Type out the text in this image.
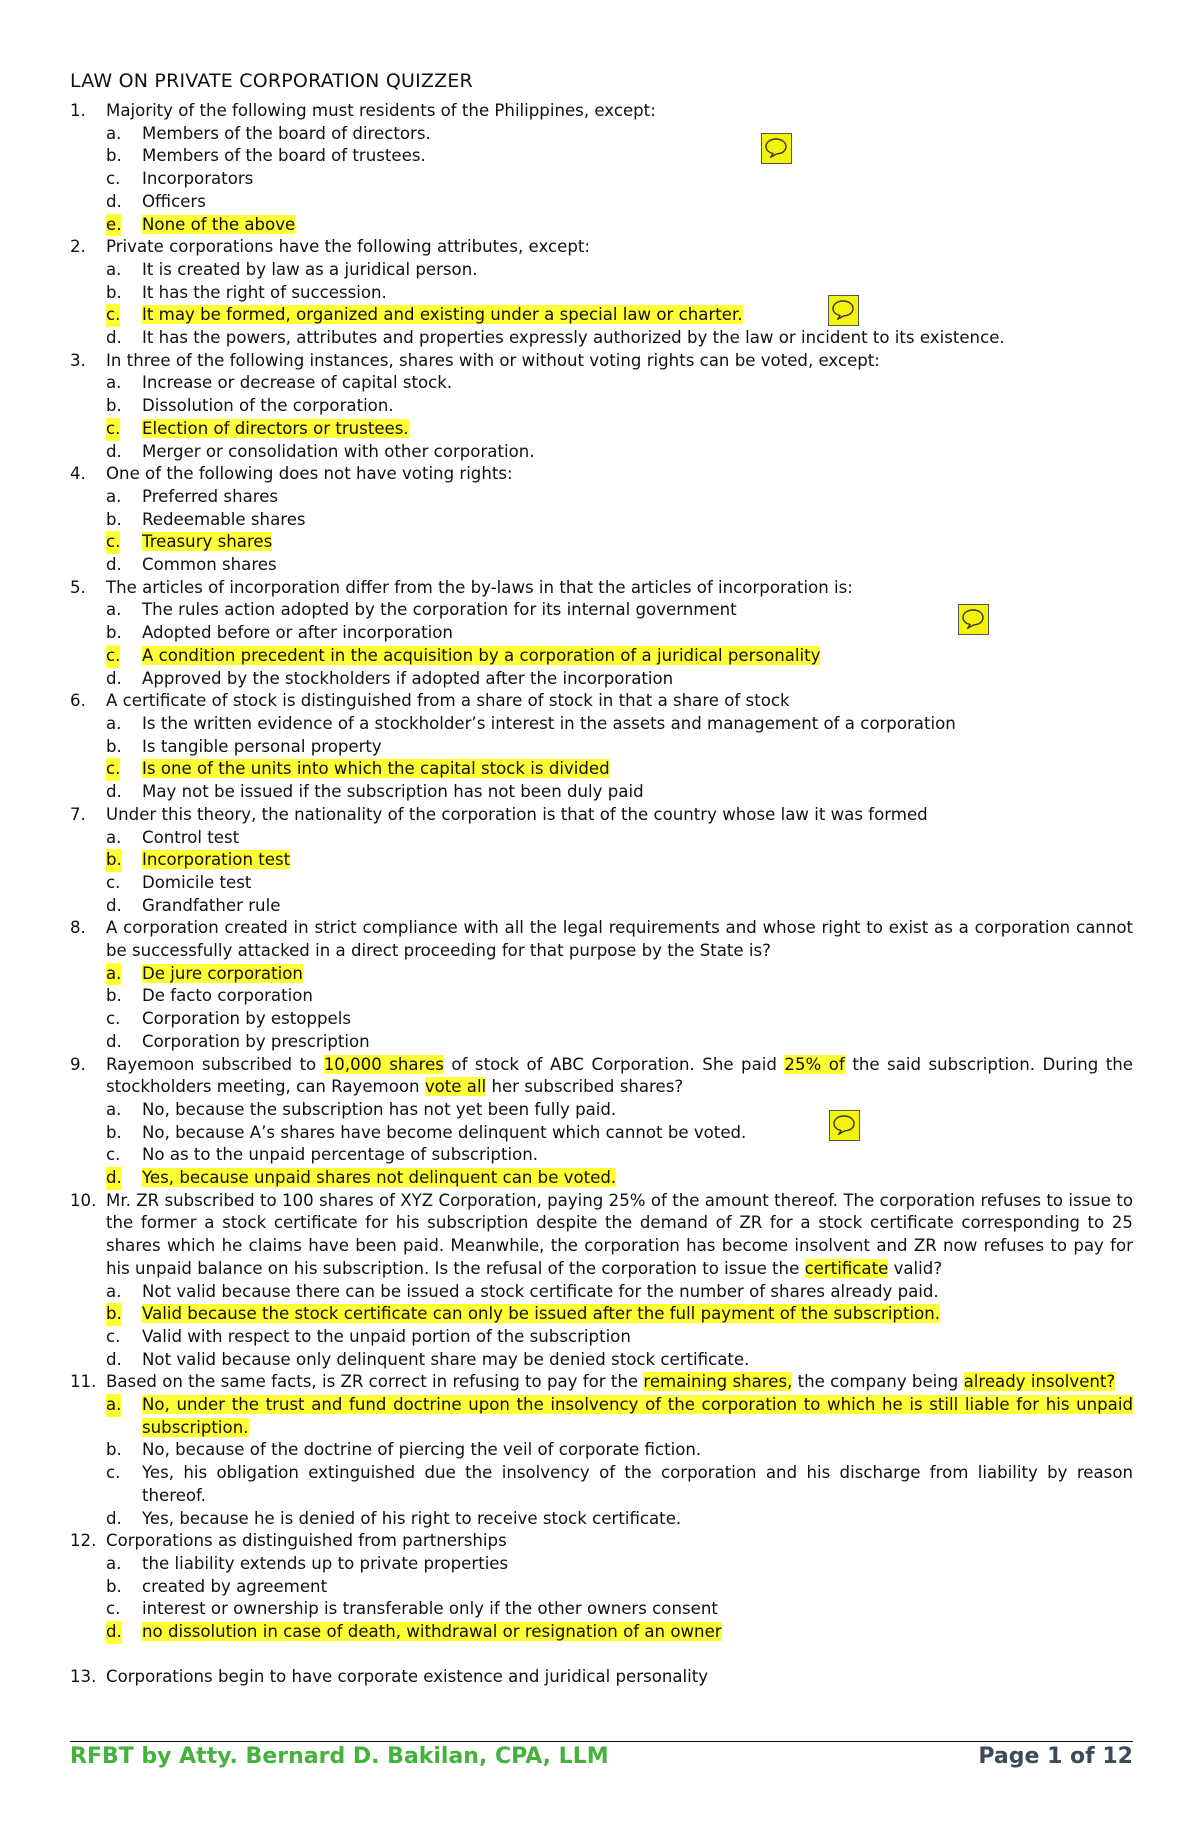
LAW ON PRIVATE CORPORATION QUIZZER
1. Majority of the following must residents of the Philippines, except:
a. Members of the board of directors.
b. Members of the board of trustees.
c. Incorporators
d. Officers
e. None of the above
2. Private corporations have the following attributes, except:
a. It is created by law as a juridical person.
b. It has the right of succession.
c. It may be formed, organized and existing under a special law or charter.
d. It has the powers, attributes and properties expressly authorized by the law or incident to its existence.
3. In three of the following instances, shares with or without voting rights can be voted, except:
a. Increase or decrease of capital stock.
b. Dissolution of the corporation.
c. Election of directors or trustees.
d. Merger or consolidation with other corporation.
4. One of the following does not have voting rights:
a. Preferred shares
b. Redeemable shares
c. Treasury shares
d. Common shares
5. The articles of incorporation differ from the by-laws in that the articles of incorporation is:
a. The rules action adopted by the corporation for its internal government
b. Adopted before or after incorporation
c. A condition precedent in the acquisition by a corporation of a juridical personality
d. Approved by the stockholders if adopted after the incorporation
6. A certificate of stock is distinguished from a share of stock in that a share of stock
a. Is the written evidence of a stockholder’s interest in the assets and management of a corporation
b. Is tangible personal property
c. Is one of the units into which the capital stock is divided
d. May not be issued if the subscription has not been duly paid
7. Under this theory, the nationality of the corporation is that of the country whose law it was formed
a. Control test
b. Incorporation test
c. Domicile test
d. Grandfather rule
8. A corporation created in strict compliance with all the legal requirements and whose right to exist as a corporation cannot be successfully attacked in a direct proceeding for that purpose by the State is?
a. De jure corporation
b. De facto corporation
c. Corporation by estoppels
d. Corporation by prescription
9. Rayemoon subscribed to 10,000 shares of stock of ABC Corporation. She paid 25% of the said subscription. During the stockholders meeting, can Rayemoon vote all her subscribed shares?
a. No, because the subscription has not yet been fully paid.
b. No, because A’s shares have become delinquent which cannot be voted.
c. No as to the unpaid percentage of subscription.
d. Yes, because unpaid shares not delinquent can be voted.
10. Mr. ZR subscribed to 100 shares of XYZ Corporation, paying 25% of the amount thereof. The corporation refuses to issue to the former a stock certificate for his subscription despite the demand of ZR for a stock certificate corresponding to 25 shares which he claims have been paid. Meanwhile, the corporation has become insolvent and ZR now refuses to pay for his unpaid balance on his subscription. Is the refusal of the corporation to issue the certificate valid?
a. Not valid because there can be issued a stock certificate for the number of shares already paid.
b. Valid because the stock certificate can only be issued after the full payment of the subscription.
c. Valid with respect to the unpaid portion of the subscription
d. Not valid because only delinquent share may be denied stock certificate.
11. Based on the same facts, is ZR correct in refusing to pay for the remaining shares, the company being already insolvent?
a. No, under the trust and fund doctrine upon the insolvency of the corporation to which he is still liable for his unpaid subscription.
b. No, because of the doctrine of piercing the veil of corporate fiction.
c. Yes, his obligation extinguished due the insolvency of the corporation and his discharge from liability by reason thereof.
d. Yes, because he is denied of his right to receive stock certificate.
12. Corporations as distinguished from partnerships
a. the liability extends up to private properties
b. created by agreement
c. interest or ownership is transferable only if the other owners consent
d. no dissolution in case of death, withdrawal or resignation of an owner
13. Corporations begin to have corporate existence and juridical personality
RFBT by Atty. Bernard D. Bakilan, CPA, LLM	Page 1 of 12
